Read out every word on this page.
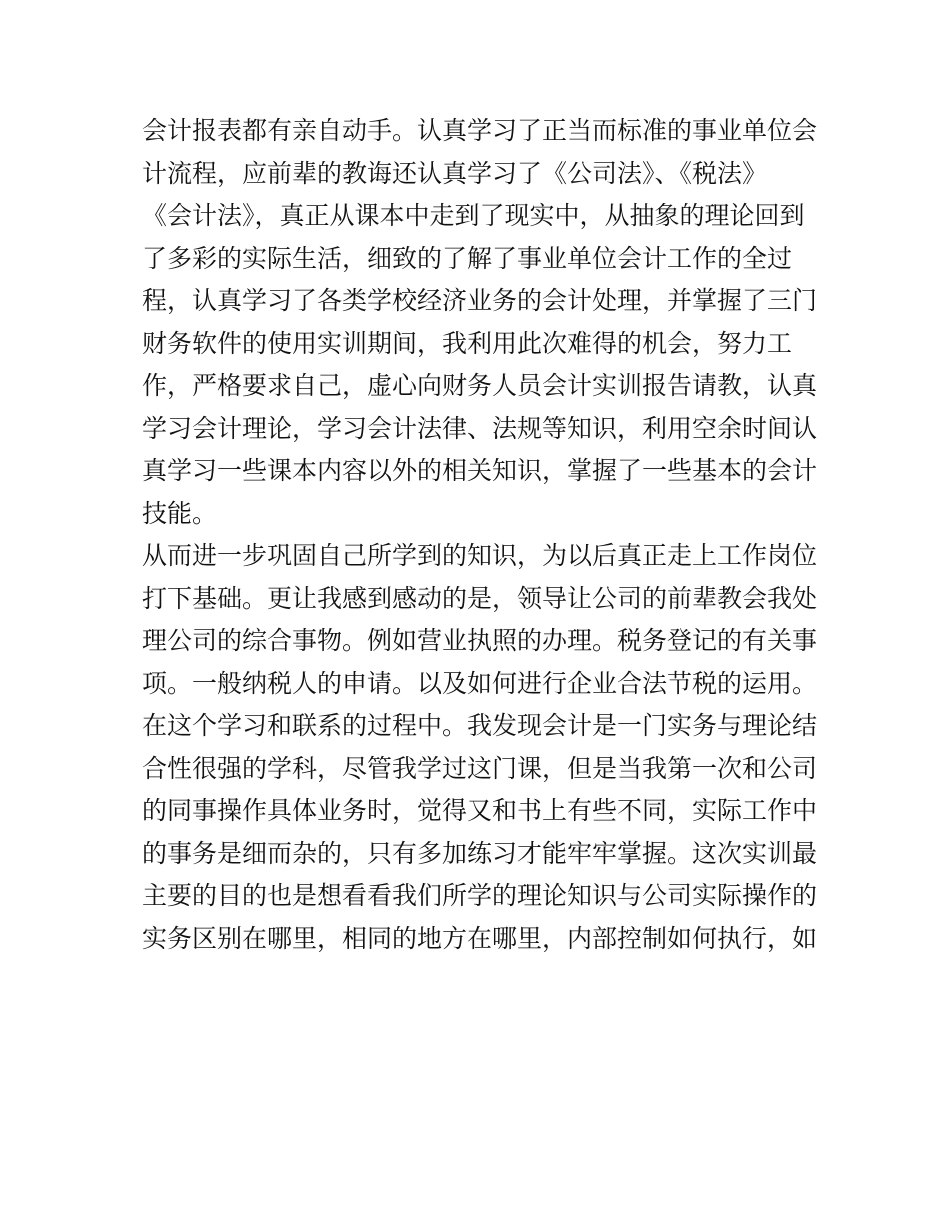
会计报表都有亲自动手。认真学习了正当而标准的事业单位会
计流程，应前辈的教诲还认真学习了《公司法》、《税法》
《会计法》，真正从课本中走到了现实中，从抽象的理论回到
了多彩的实际生活，细致的了解了事业单位会计工作的全过
程，认真学习了各类学校经济业务的会计处理，并掌握了三门
财务软件的使用实训期间，我利用此次难得的机会，努力工
作，严格要求自己，虚心向财务人员会计实训报告请教，认真
学习会计理论，学习会计法律、法规等知识，利用空余时间认
真学习一些课本内容以外的相关知识，掌握了一些基本的会计
技能。
从而进一步巩固自己所学到的知识，为以后真正走上工作岗位
打下基础。更让我感到感动的是，领导让公司的前辈教会我处
理公司的综合事物。例如营业执照的办理。税务登记的有关事
项。一般纳税人的申请。以及如何进行企业合法节税的运用。
在这个学习和联系的过程中。我发现会计是一门实务与理论结
合性很强的学科，尽管我学过这门课，但是当我第一次和公司
的同事操作具体业务时，觉得又和书上有些不同，实际工作中
的事务是细而杂的，只有多加练习才能牢牢掌握。这次实训最
主要的目的也是想看看我们所学的理论知识与公司实际操作的
实务区别在哪里，相同的地方在哪里，内部控制如何执行，如
